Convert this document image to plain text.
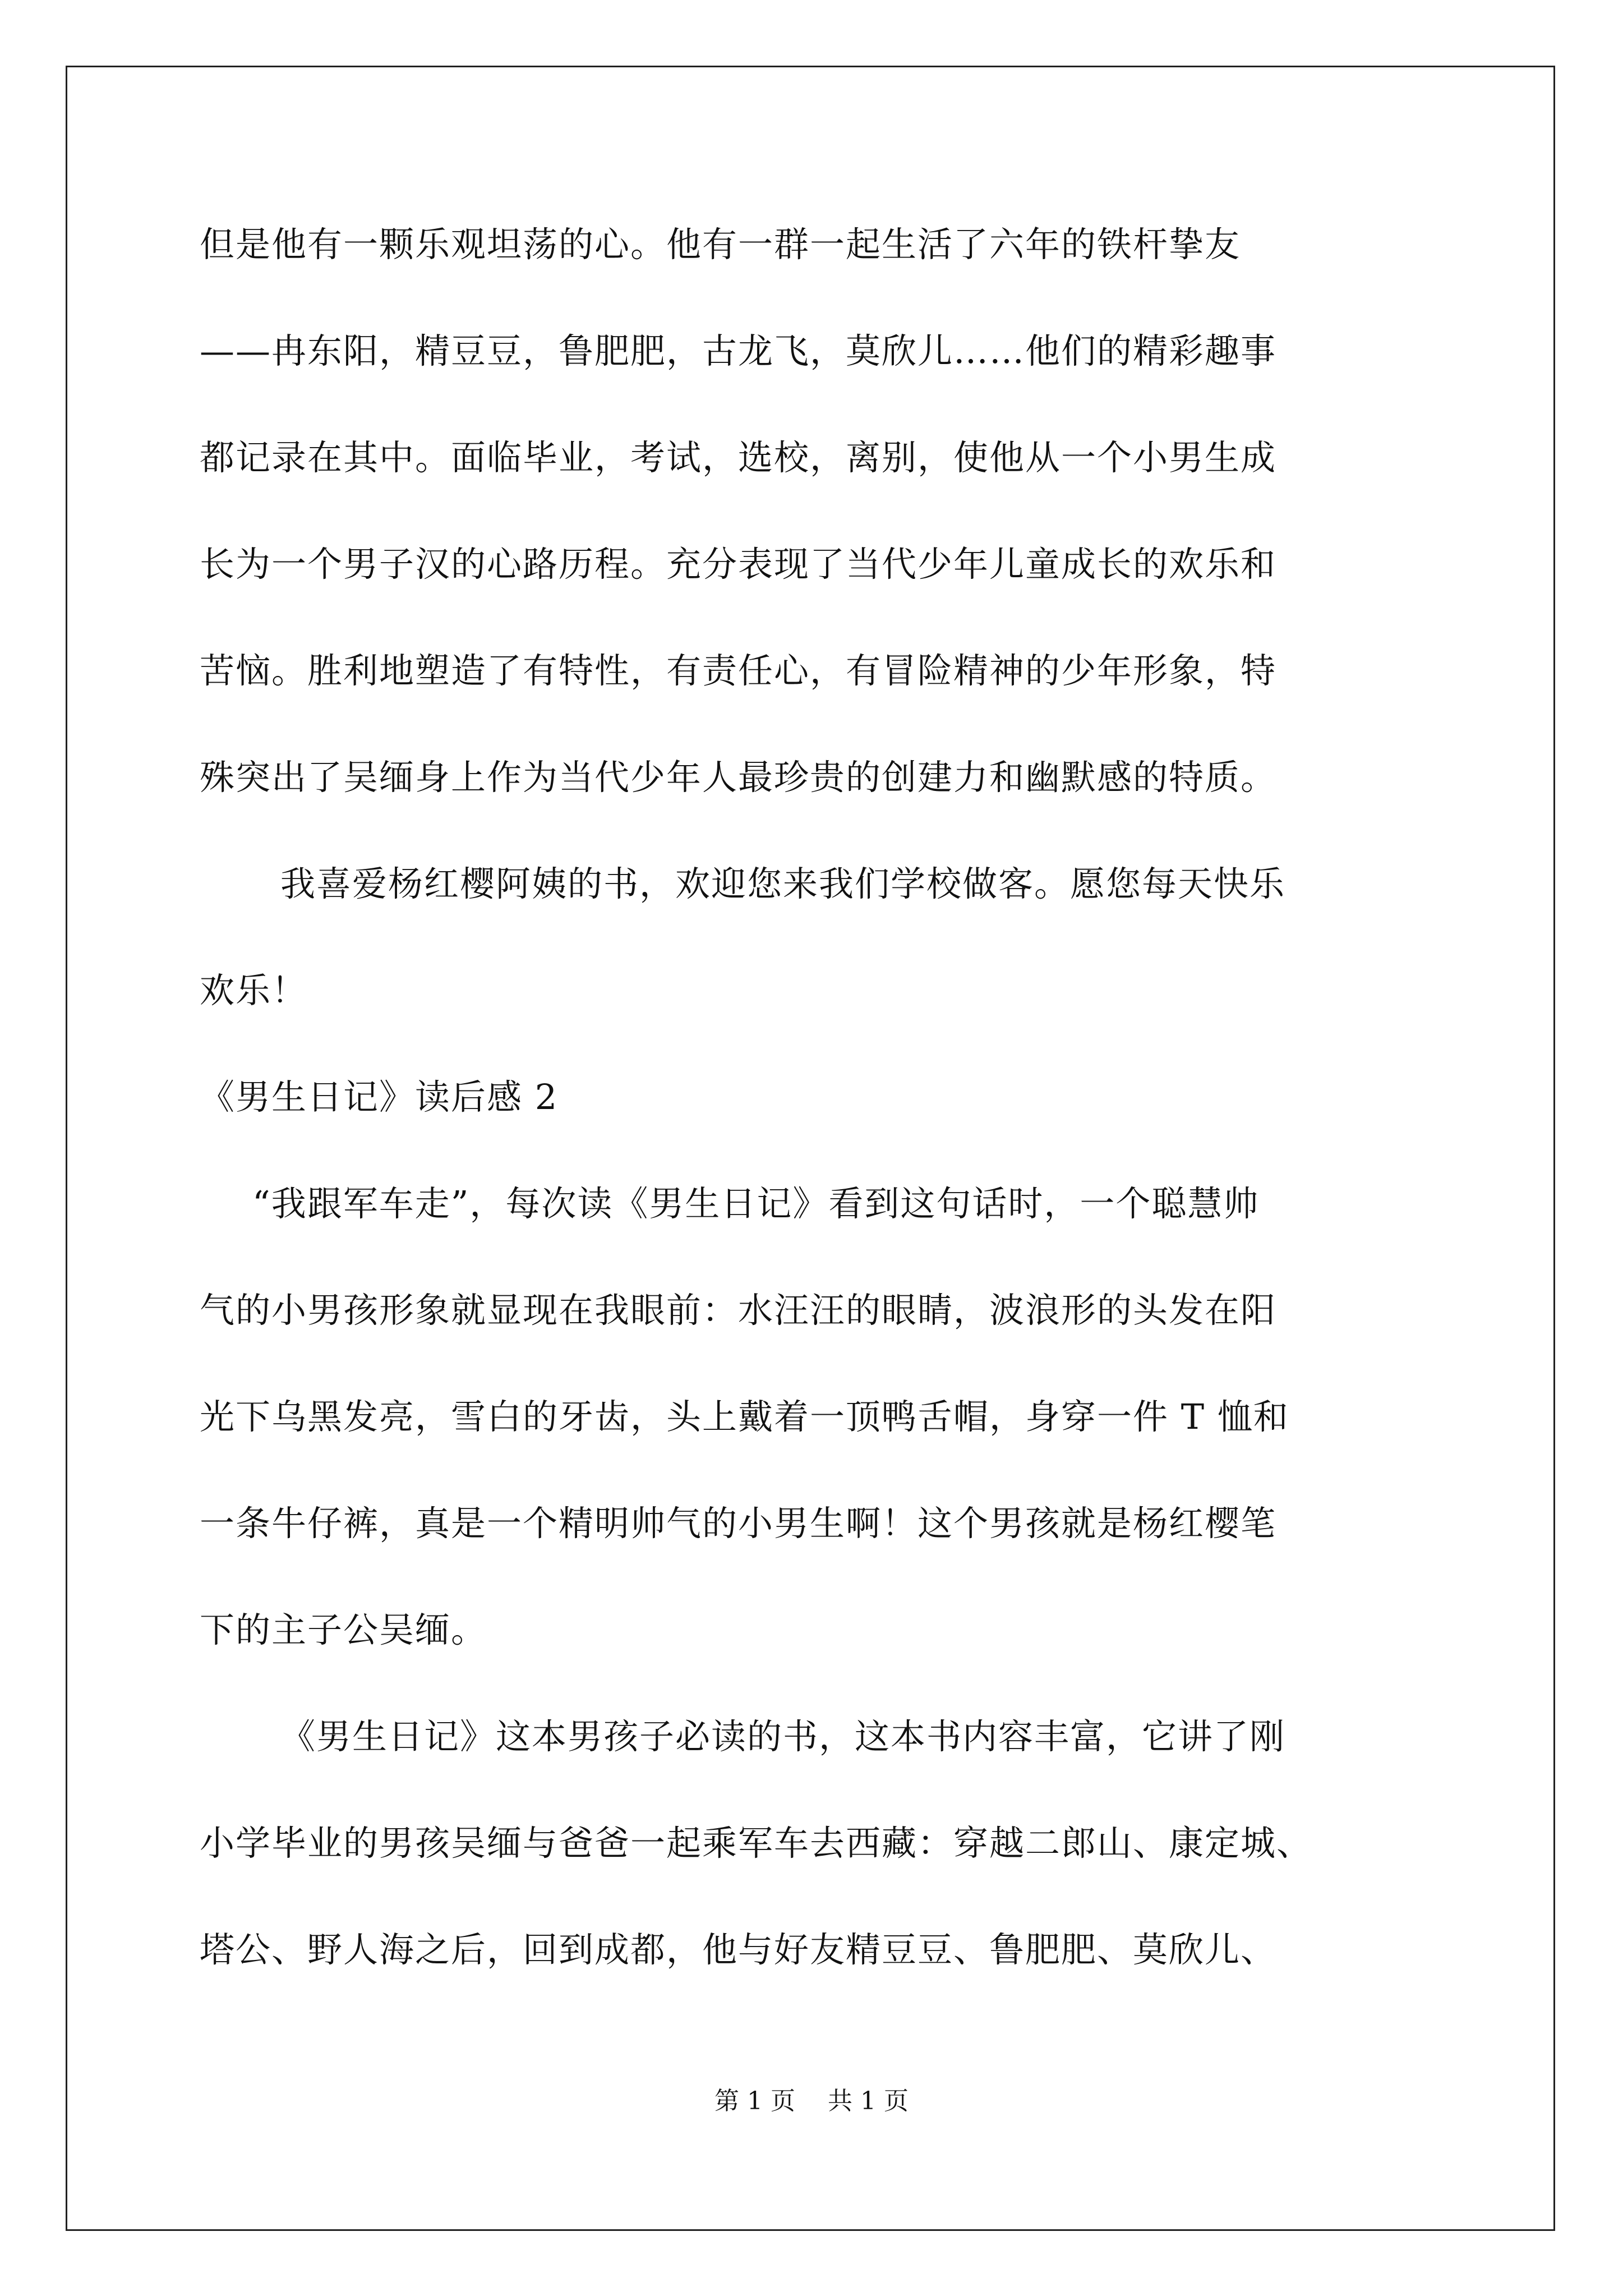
但是他有一颗乐观坦荡的心。他有一群一起生活了六年的铁杆挚友
——冉东阳，精豆豆，鲁肥肥，古龙飞，莫欣儿……他们的精彩趣事
都记录在其中。面临毕业，考试，选校，离别，使他从一个小男生成
长为一个男子汉的心路历程。充分表现了当代少年儿童成长的欢乐和
苦恼。胜利地塑造了有特性，有责任心，有冒险精神的少年形象，特
殊突出了吴缅身上作为当代少年人最珍贵的创建力和幽默感的特质。
我喜爱杨红樱阿姨的书，欢迎您来我们学校做客。愿您每天快乐
欢乐！
《男生日记》读后感 2
“我跟军车走”，每次读《男生日记》看到这句话时，一个聪慧帅
气的小男孩形象就显现在我眼前：水汪汪的眼睛，波浪形的头发在阳
光下乌黑发亮，雪白的牙齿，头上戴着一顶鸭舌帽，身穿一件 T 恤和
一条牛仔裤，真是一个精明帅气的小男生啊！这个男孩就是杨红樱笔
下的主子公吴缅。
《男生日记》这本男孩子必读的书，这本书内容丰富，它讲了刚
小学毕业的男孩吴缅与爸爸一起乘军车去西藏：穿越二郎山、康定城、
塔公、野人海之后，回到成都，他与好友精豆豆、鲁肥肥、莫欣儿、
第 1 页 共 1 页
